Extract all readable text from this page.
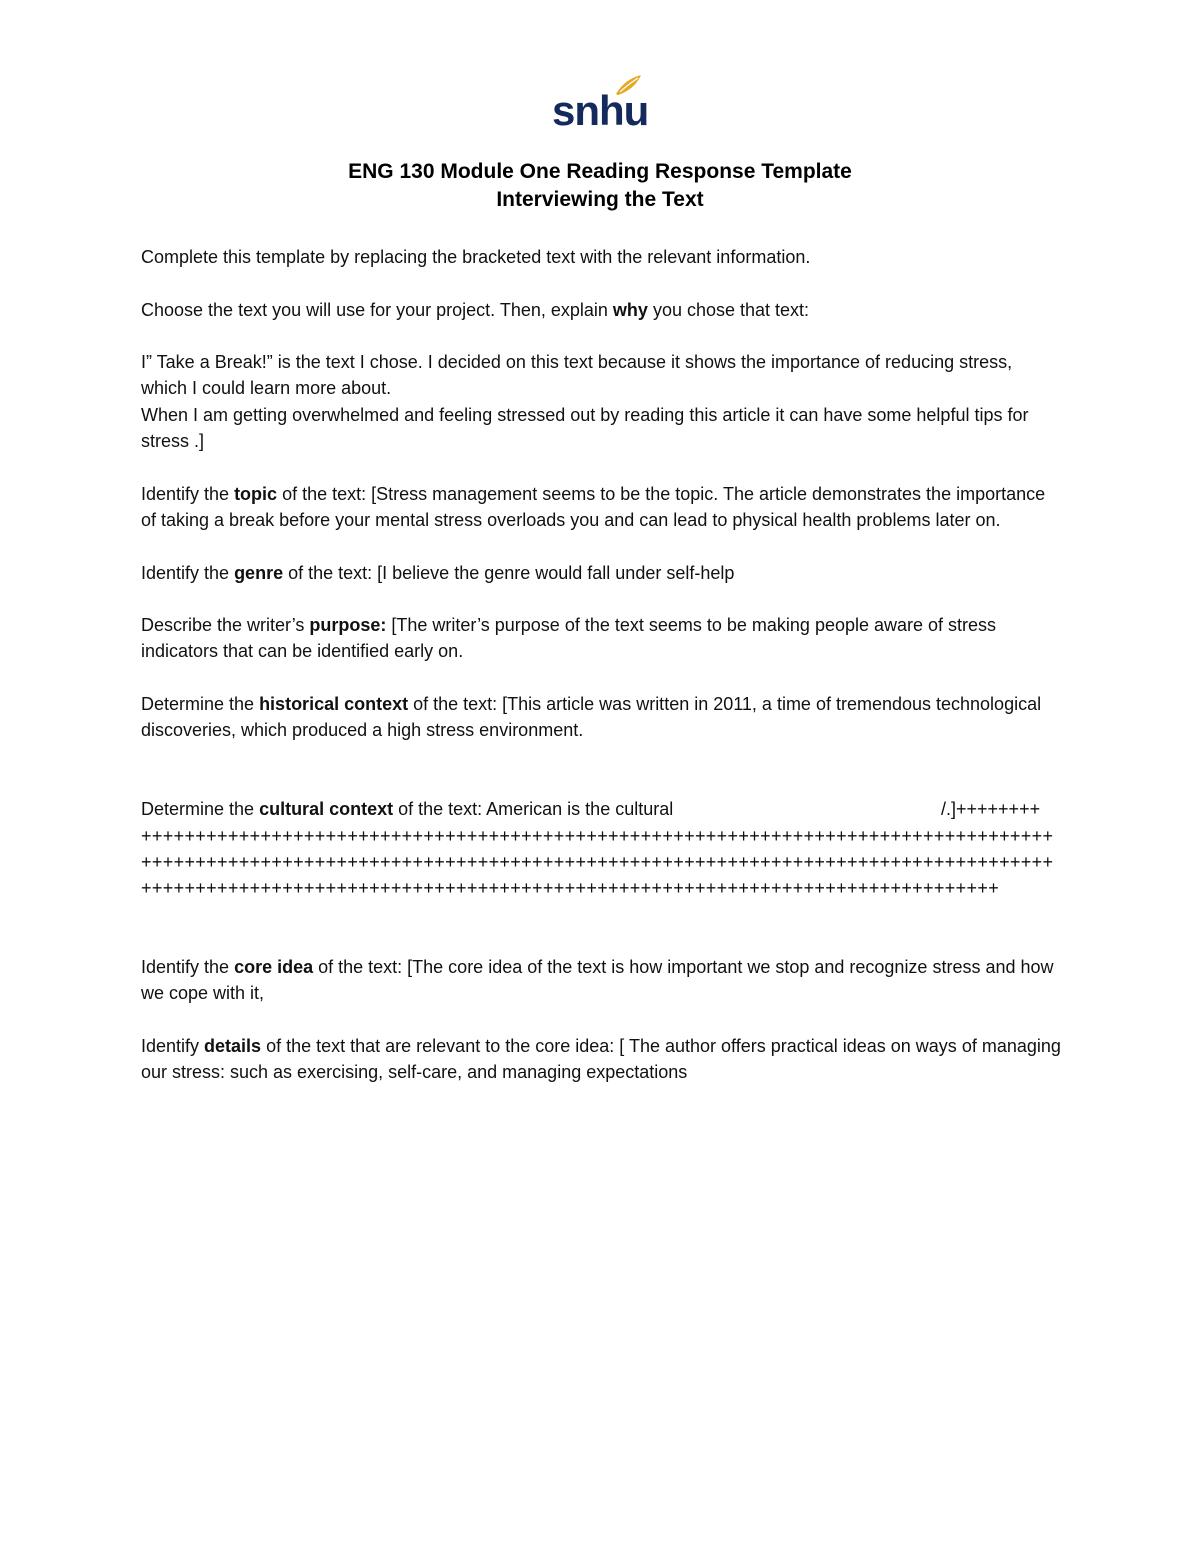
snhu
ENG 130 Module One Reading Response Template
Interviewing the Text

Complete this template by replacing the bracketed text with the relevant information.

Choose the text you will use for your project. Then, explain why you chose that text:

I” Take a Break!” is the text I chose. I decided on this text because it shows the importance of reducing stress, which I could learn more about.

When I am getting overwhelmed and feeling stressed out by reading this article it can have some helpful tips for stress .]

Identify the topic of the text: [Stress management seems to be the topic. The article demonstrates the importance of taking a break before your mental stress overloads you and can lead to physical health problems later on.

Identify the genre of the text: [I believe the genre would fall under self-help

Describe the writer’s purpose: [The writer’s purpose of the text seems to be making people aware of stress indicators that can be identified early on.

Determine the historical context of the text: [This article was written in 2011, a time of tremendous technological discoveries, which produced a high stress environment.

Determine the cultural context of the text: American is the cultural	/.]++++++++

+++++++++++++++++++++++++++++++++++++++++++++++++++++++++++++++++++++++++++++++++++++++++++++++++++++++++++++++++++++++++++++++++++++++++++++++++++++++++++++++++++++++++++++++++++++++++++++++++++++++++++++++++++++++++++++++++++++++++++++++++++++++

Identify the core idea of the text: [The core idea of the text is how important we stop and recognize stress and how we cope with it,

Identify details of the text that are relevant to the core idea: [ The author offers practical ideas on ways of managing our stress: such as exercising, self-care, and managing expectations
